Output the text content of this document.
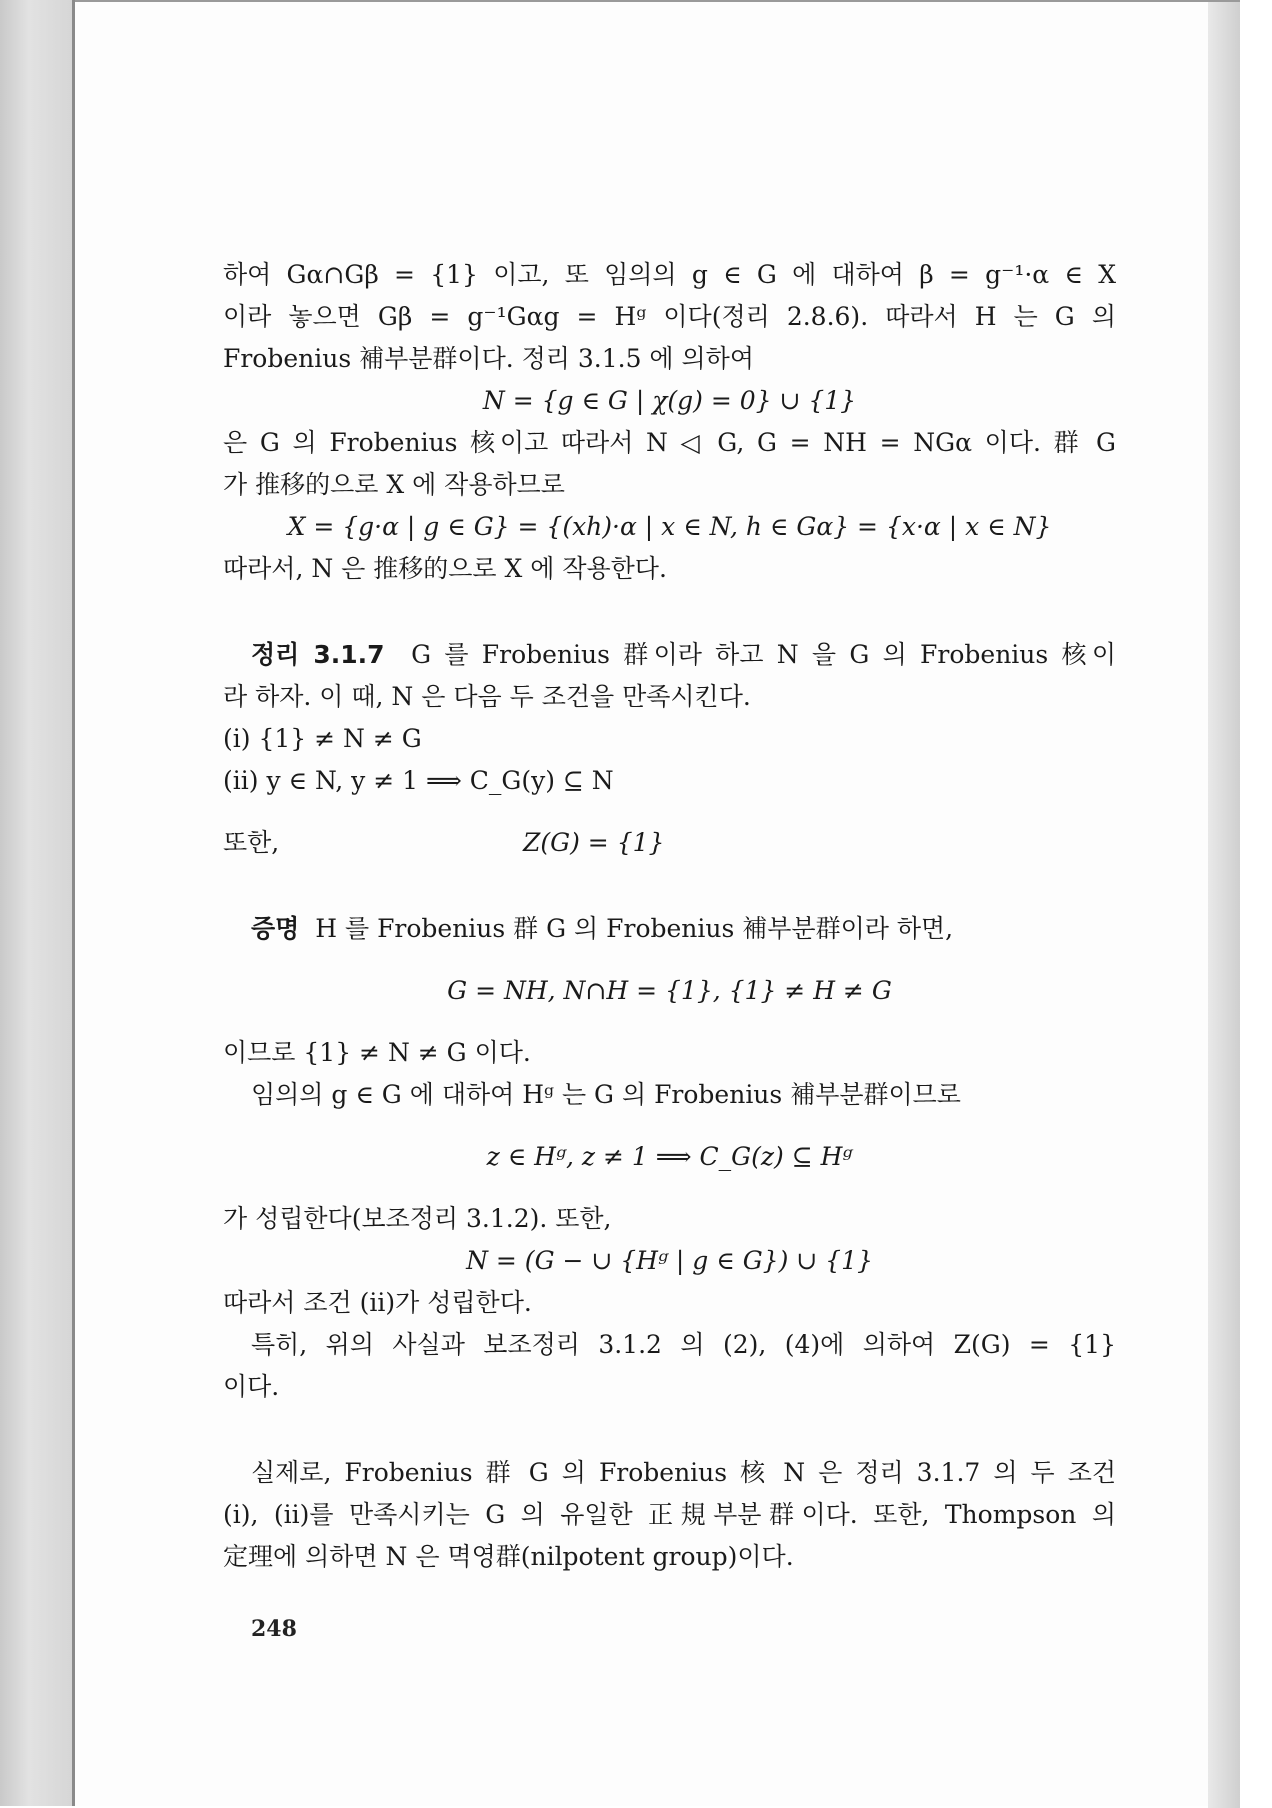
하여 Gα∩Gβ = {1} 이고, 또 임의의 g ∈ G 에 대하여 β = g⁻¹·α ∈ X
이라 놓으면 Gβ = g⁻¹Gαg = Hᵍ 이다(정리 2.8.6). 따라서 H 는 G 의
Frobenius 補부분群이다. 정리 3.1.5 에 의하여
N = {g ∈ G | χ(g) = 0} ∪ {1}
은 G 의 Frobenius 核이고 따라서 N ◁ G, G = NH = NGα 이다. 群 G
가 推移的으로 X 에 작용하므로
X = {g·α | g ∈ G} = {(xh)·α | x ∈ N, h ∈ Gα} = {x·α | x ∈ N}
따라서, N 은 推移的으로 X 에 작용한다.
정리 3.1.7 G 를 Frobenius 群이라 하고 N 을 G 의 Frobenius 核이
라 하자. 이 때, N 은 다음 두 조건을 만족시킨다.
(i) {1} ≠ N ≠ G
(ii) y ∈ N, y ≠ 1 ⟹ C_G(y) ⊆ N
또한,	Z(G) = {1}
증명 H 를 Frobenius 群 G 의 Frobenius 補부분群이라 하면,
G = NH, N∩H = {1}, {1} ≠ H ≠ G
이므로 {1} ≠ N ≠ G 이다.
임의의 g ∈ G 에 대하여 Hᵍ 는 G 의 Frobenius 補부분群이므로
z ∈ Hᵍ, z ≠ 1 ⟹ C_G(z) ⊆ Hᵍ
가 성립한다(보조정리 3.1.2). 또한,
N = (G − ∪ {Hᵍ | g ∈ G}) ∪ {1}
따라서 조건 (ii)가 성립한다.
특히, 위의 사실과 보조정리 3.1.2 의 (2), (4)에 의하여 Z(G) = {1}
이다.
실제로, Frobenius 群 G 의 Frobenius 核 N 은 정리 3.1.7 의 두 조건
(i), (ii)를 만족시키는 G 의 유일한 正規부분群이다. 또한, Thompson 의
定理에 의하면 N 은 멱영群(nilpotent group)이다.
248
